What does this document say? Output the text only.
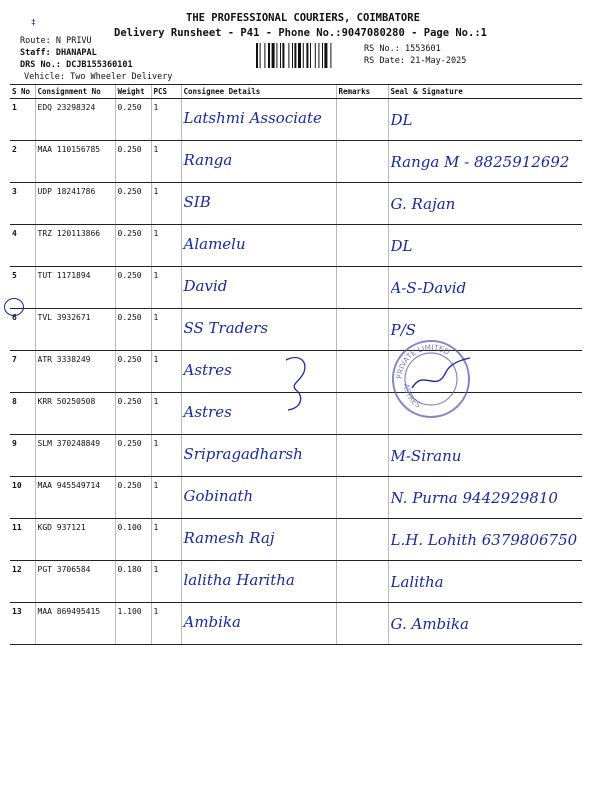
THE PROFESSIONAL COURIERS, COIMBATORE
Delivery Runsheet - P41 - Phone No.:9047080280 - Page No.:1
‡
Route: N PRIVU
Staff: DHANAPAL
DRS No.: DCJB155360101
Vehicle: Two Wheeler Delivery
RS No.: 1553601
RS Date: 21-May-2025
S No	Consignment No	Weight	PCS	Consignee Details	Remarks	Seal & Signature
1	EDQ 23298324	0.250	1	Latshmi Associate		DL

2	MAA 110156785	0.250	1	Ranga		Ranga M - 8825912692

3	UDP 18241786	0.250	1	SIB		G. Rajan

4	TRZ 120113866	0.250	1	Alamelu		DL

5	TUT 1171894	0.250	1	David		A-S-David

6	TVL 3932671	0.250	1	SS Traders		P/S

7	ATR 3338249	0.250	1	Astres		

8	KRR 50250508	0.250	1	Astres		

9	SLM 370248849	0.250	1	Sripragadharsh		M-Siranu

10	MAA 945549714	0.250	1	Gobinath		N. Purna 9442929810

11	KGD 937121	0.100	1	Ramesh Raj		L.H. Lohith 6379806750

12	PGT 3706584	0.180	1	lalitha Haritha		Lalitha

13	MAA 869495415	1.100	1	Ambika		G. Ambika
PRIVATE LIMITED
ASTRES
